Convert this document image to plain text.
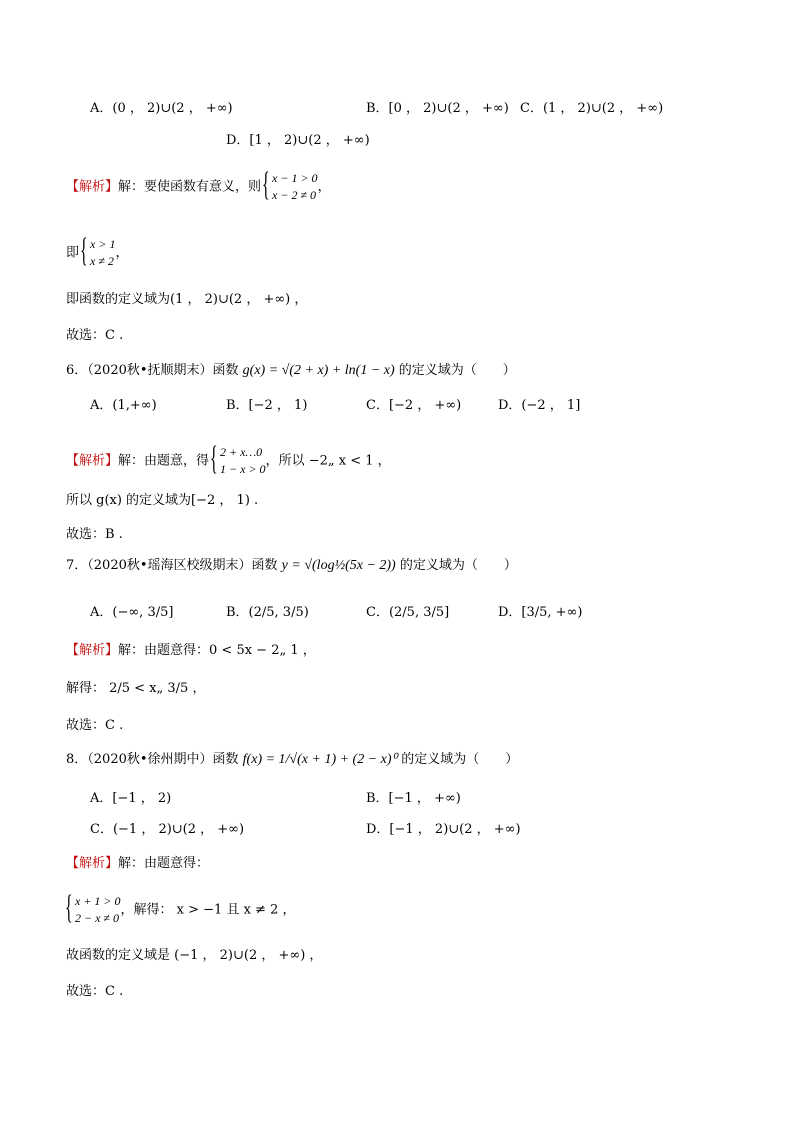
A．(0 ， 2)∪(2 ， +∞)	B．[0 ， 2)∪(2 ， +∞) C．(1 ， 2)∪(2 ， +∞)
D．[1 ， 2)∪(2 ， +∞)
【解析】解：要使函数有意义，则
{ x − 1 > 0
x − 2 ≠ 0
，
即
{ x > 1
x ≠ 2
，
即函数的定义域为(1 ， 2)∪(2 ， +∞) ，
故选：C .
6．（2020秋•抚顺期末）函数 g(x) = √(2 + x) + ln(1 − x) 的定义域为（　　）
A．(1,+∞)	B．[−2 ， 1)	C．[−2 ， +∞)	D．(−2 ， 1]
【解析】解：由题意，得
{ 2 + x…0
1 − x > 0
，所以 −2„ x < 1 ，
所以 g(x) 的定义域为[−2 ， 1) .
故选：B .
7．（2020秋•瑶海区校级期末）函数 y = √(log½(5x − 2)) 的定义域为（　　）
A．(−∞, 3/5]	B．(2/5, 3/5)	C．(2/5, 3/5]	D．[3/5, +∞)
【解析】解：由题意得：0 < 5x − 2„ 1 ，
解得： 2/5 < x„ 3/5 ，
故选：C .
8．（2020秋•徐州期中）函数 f(x) = 1/√(x + 1) + (2 − x)⁰ 的定义域为（　　）
A．[−1 ， 2)	B．[−1 ， +∞)
C．(−1 ， 2)∪(2 ， +∞)	D．[−1 ， 2)∪(2 ， +∞)
【解析】解：由题意得：
{ x + 1 > 0
2 − x ≠ 0
，解得： x > −1 且 x ≠ 2 ，
故函数的定义域是 (−1 ， 2)∪(2 ， +∞) ，
故选：C .
